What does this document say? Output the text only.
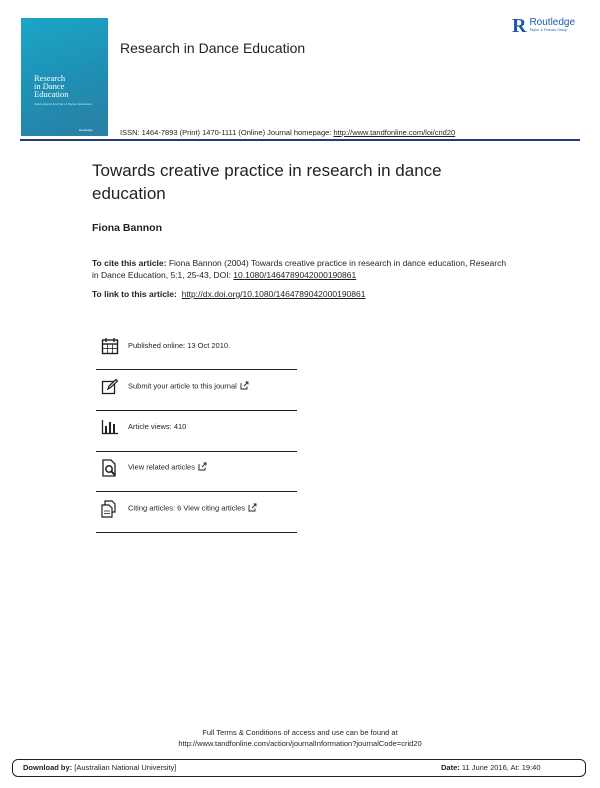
Research
in Dance
Education
International Journal of Dance Education
Routledge
Research in Dance Education
R Routledge
Taylor & Francis Group
ISSN: 1464-7893 (Print) 1470-1111 (Online) Journal homepage: http://www.tandfonline.com/loi/crid20
Towards creative practice in research in dance education
Fiona Bannon
To cite this article: Fiona Bannon (2004) Towards creative practice in research in dance education, Research in Dance Education, 5:1, 25-43, DOI: 10.1080/1464789042000190861
To link to this article: http://dx.doi.org/10.1080/1464789042000190861
Published online: 13 Oct 2010.
Submit your article to this journal
Article views: 410
View related articles
Citing articles: 6 View citing articles
Full Terms & Conditions of access and use can be found at
http://www.tandfonline.com/action/journalInformation?journalCode=crid20
Download by: [Australian National University]	Date: 11 June 2016, At: 19:40
